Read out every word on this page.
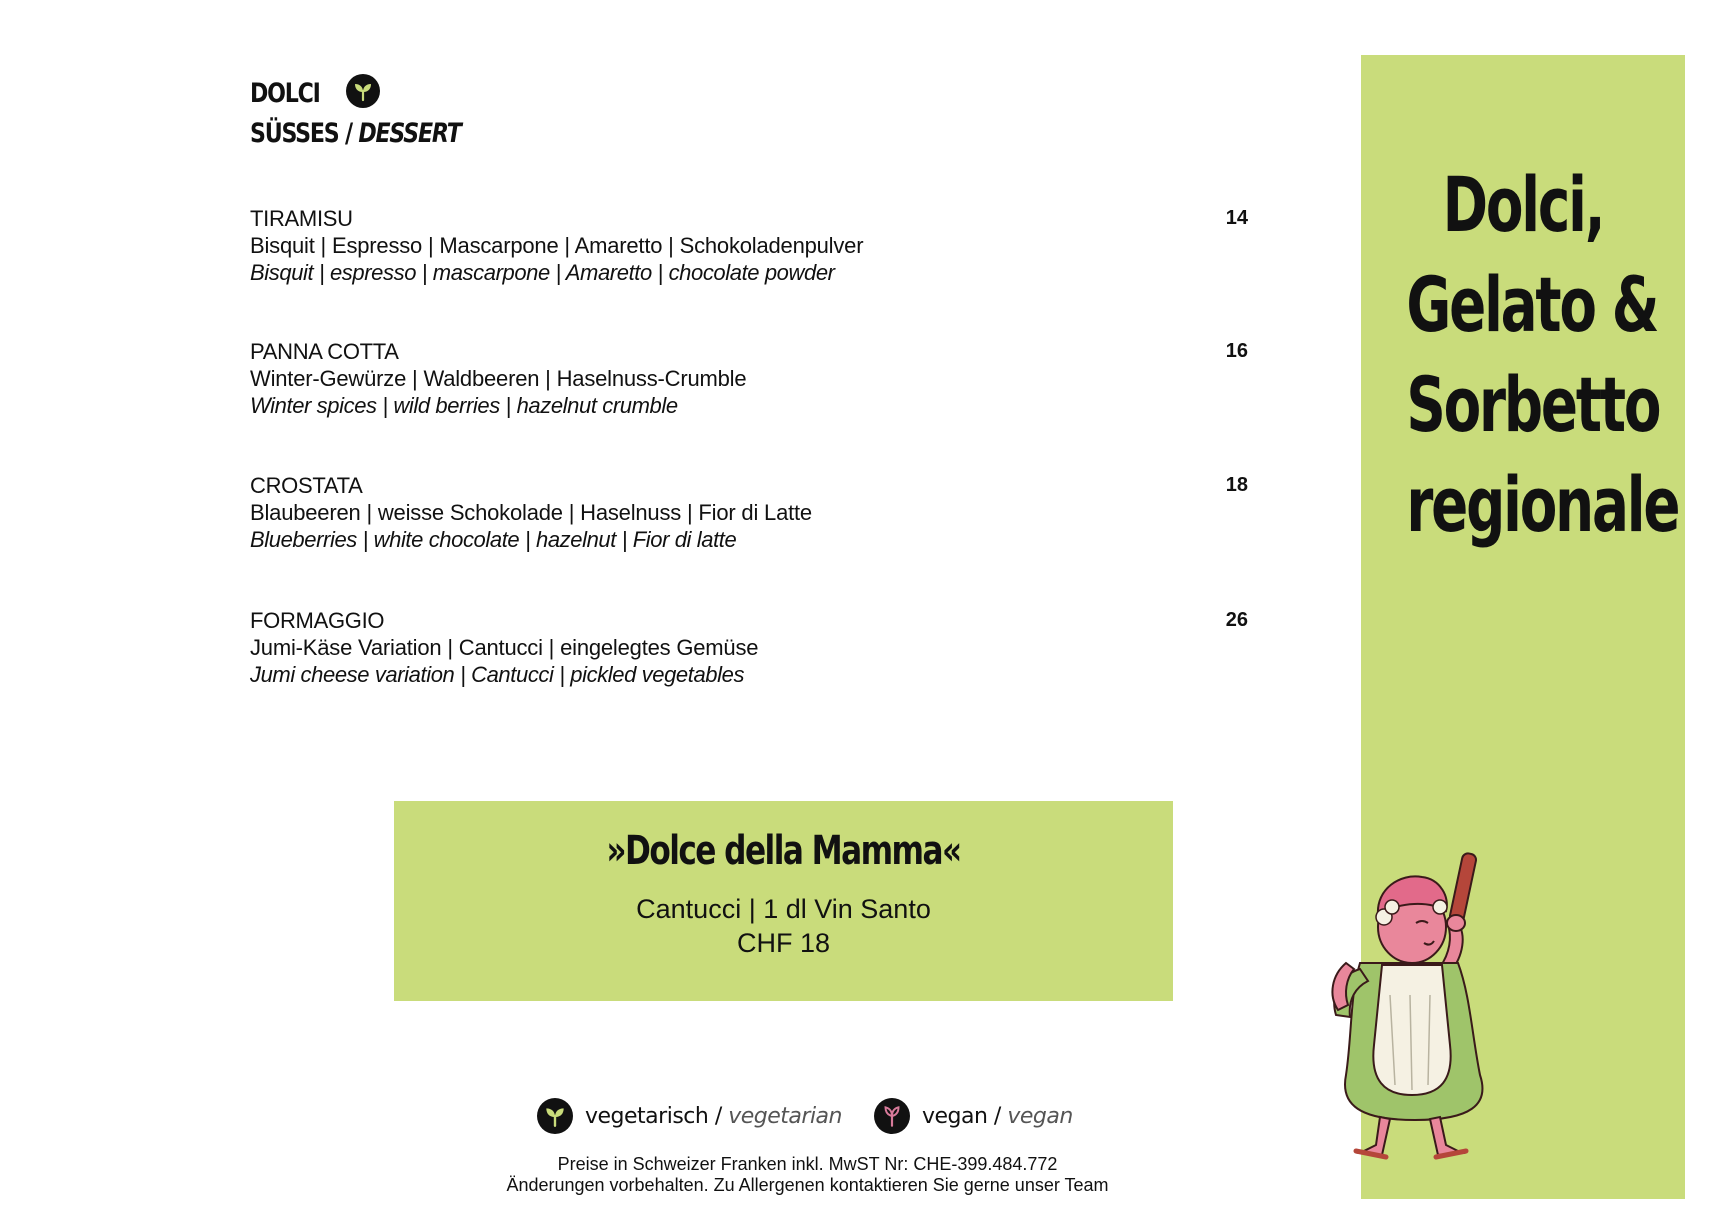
DOLCI
SÜSSES / DESSERT
TIRAMISU	14
Bisquit | Espresso | Mascarpone | Amaretto | Schokoladenpulver
Bisquit | espresso | mascarpone | Amaretto | chocolate powder
PANNA COTTA	16
Winter-Gewürze | Waldbeeren | Haselnuss-Crumble
Winter spices | wild berries | hazelnut crumble
CROSTATA	18
Blaubeeren | weisse Schokolade | Haselnuss | Fior di Latte
Blueberries | white chocolate | hazelnut | Fior di latte
FORMAGGIO	26
Jumi-Käse Variation | Cantucci | eingelegtes Gemüse
Jumi cheese variation | Cantucci | pickled vegetables
»Dolce della Mamma«
Cantucci | 1 dl Vin Santo
CHF 18
vegetarisch / vegetarian	vegan / vegan
Preise in Schweizer Franken inkl. MwST Nr: CHE-399.484.772
Änderungen vorbehalten. Zu Allergenen kontaktieren Sie gerne unser Team
Dolci,
Gelato &
Sorbetto
regionale
